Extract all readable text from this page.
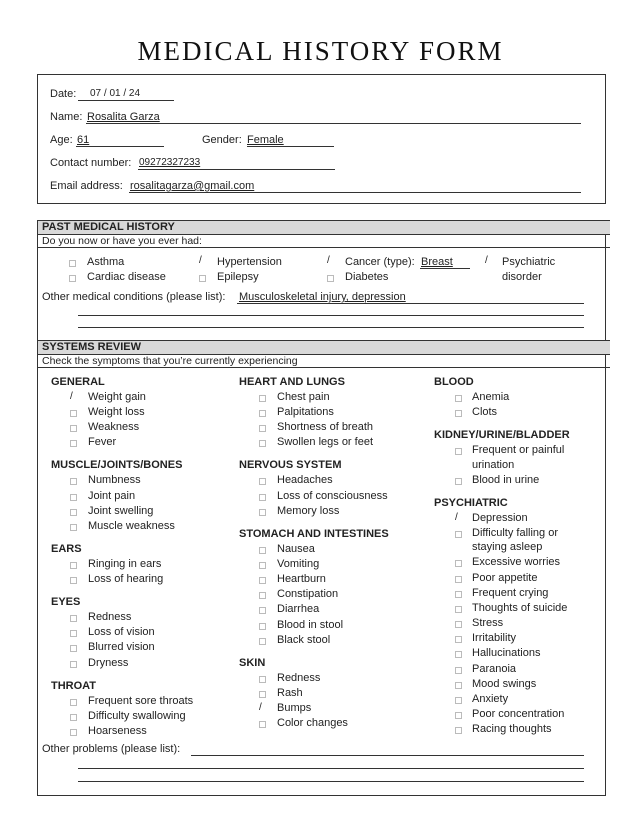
MEDICAL HISTORY FORM
Date: 07 / 01 / 24
Name: Rosalita Garza
Age: 61	Gender: Female
Contact number: 09272327233
Email address: rosalitagarza@gmail.com
PAST MEDICAL HISTORY
Do you now or have you ever had:
Asthma
Cardiac disease
/ Hypertension
Epilepsy
/ Cancer (type): Breast
Diabetes
/ Psychiatric
disorder
Other medical conditions (please list): Musculoskeletal injury, depression
SYSTEMS REVIEW
Check the symptoms that you’re currently experiencing
GENERAL
/ Weight gain
Weight loss
Weakness
Fever
MUSCLE/JOINTS/BONES
Numbness
Joint pain
Joint swelling
Muscle weakness
EARS
Ringing in ears
Loss of hearing
EYES
Redness
Loss of vision
Blurred vision
Dryness
THROAT
Frequent sore throats
Difficulty swallowing
Hoarseness
HEART AND LUNGS
Chest pain
Palpitations
Shortness of breath
Swollen legs or feet
NERVOUS SYSTEM
Headaches
Loss of consciousness
Memory loss
STOMACH AND INTESTINES
Nausea
Vomiting
Heartburn
Constipation
Diarrhea
Blood in stool
Black stool
SKIN
Redness
Rash
/ Bumps
Color changes
BLOOD
Anemia
Clots
KIDNEY/URINE/BLADDER
Frequent or painful
urination
Blood in urine
PSYCHIATRIC
/ Depression
Difficulty falling or
staying asleep
Excessive worries
Poor appetite
Frequent crying
Thoughts of suicide
Stress
Irritability
Hallucinations
Paranoia
Mood swings
Anxiety
Poor concentration
Racing thoughts
Other problems (please list):
